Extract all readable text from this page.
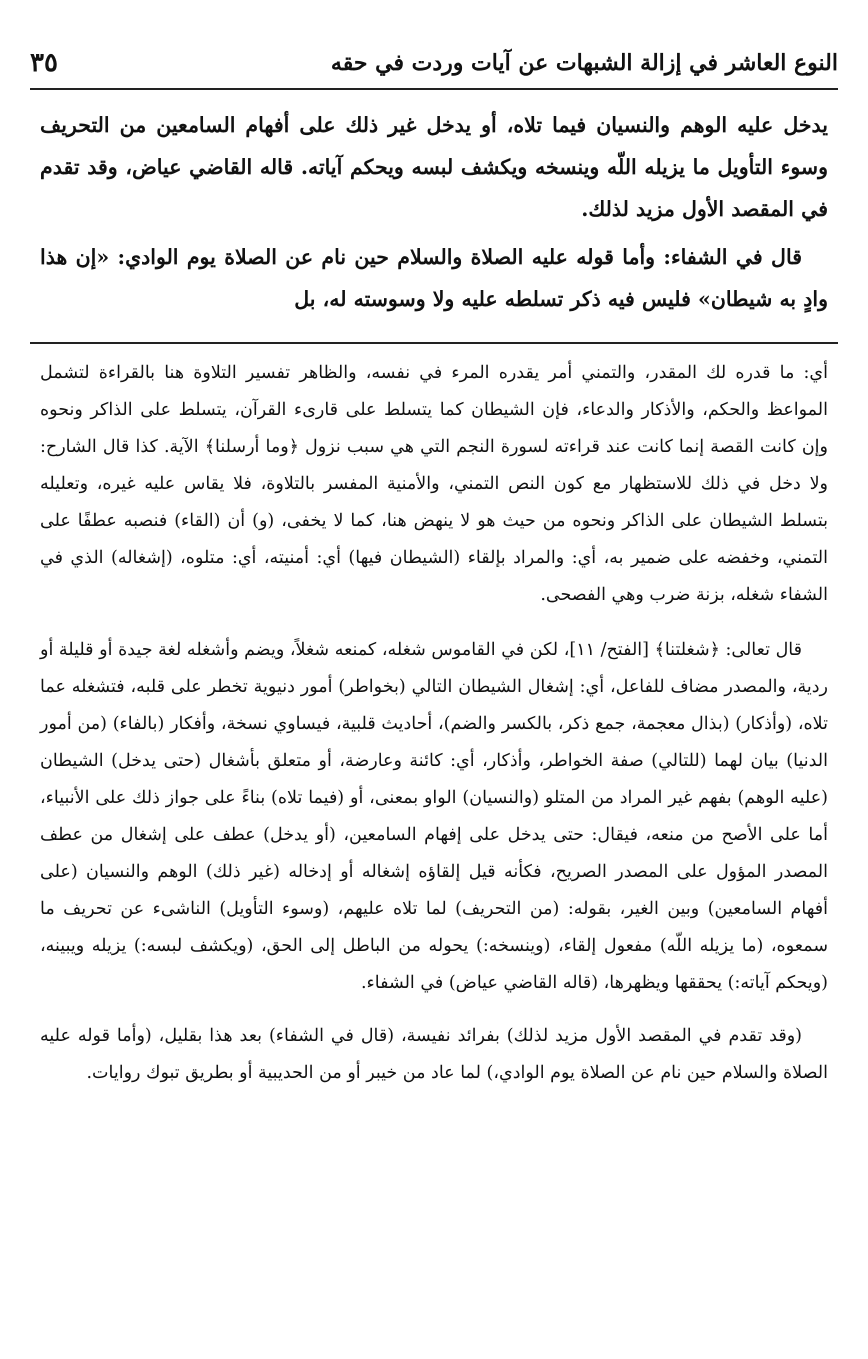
النوع العاشر في إزالة الشبهات عن آيات وردت في حقه
٣٥

يدخل عليه الوهم والنسيان فيما تلاه، أو يدخل غير ذلك على أفهام السامعين من التحريف وسوء التأويل ما يزيله اللّه وينسخه ويكشف لبسه ويحكم آياته. قاله القاضي عياض، وقد تقدم في المقصد الأول مزيد لذلك.

قال في الشفاء: وأما قوله عليه الصلاة والسلام حين نام عن الصلاة يوم الوادي: «إن هذا وادٍ به شيطان» فليس فيه ذكر تسلطه عليه ولا وسوسته له، بل

أي: ما قدره لك المقدر، والتمني أمر يقدره المرء في نفسه، والظاهر تفسير التلاوة هنا بالقراءة لتشمل المواعظ والحكم، والأذكار والدعاء، فإن الشيطان كما يتسلط على قارىء القرآن، يتسلط على الذاكر ونحوه وإن كانت القصة إنما كانت عند قراءته لسورة النجم التي هي سبب نزول ﴿وما أرسلنا﴾ الآية. كذا قال الشارح: ولا دخل في ذلك للاستظهار مع كون النص التمني، والأمنية المفسر بالتلاوة، فلا يقاس عليه غيره، وتعليله بتسلط الشيطان على الذاكر ونحوه من حيث هو لا ينهض هنا، كما لا يخفى، (و) أن (القاء) فنصبه عطفًا على التمني، وخفضه على ضمير به، أي: والمراد بإلقاء (الشيطان فيها) أي: أمنيته، أي: متلوه، (إشغاله) الذي في الشفاء شغله، بزنة ضرب وهي الفصحى.

قال تعالى: ﴿شغلتنا﴾ [الفتح/ ١١]، لكن في القاموس شغله، كمنعه شغلاً، ويضم وأشغله لغة جيدة أو قليلة أو ردية، والمصدر مضاف للفاعل، أي: إشغال الشيطان التالي (بخواطر) أمور دنيوية تخطر على قلبه، فتشغله عما تلاه، (وأذكار) (بذال معجمة، جمع ذكر، بالكسر والضم)، أحاديث قلبية، فيساوي نسخة، وأفكار (بالفاء) (من أمور الدنيا) بيان لهما (للتالي) صفة الخواطر، وأذكار، أي: كائنة وعارضة، أو متعلق بأشغال (حتى يدخل) الشيطان (عليه الوهم) بفهم غير المراد من المتلو (والنسيان) الواو بمعنى، أو (فيما تلاه) بناءً على جواز ذلك على الأنبياء، أما على الأصح من منعه، فيقال: حتى يدخل على إفهام السامعين، (أو يدخل) عطف على إشغال من عطف المصدر المؤول على المصدر الصريح، فكأنه قيل إلقاؤه إشغاله أو إدخاله (غير ذلك) الوهم والنسيان (على أفهام السامعين) وبين الغير، بقوله: (من التحريف) لما تلاه عليهم، (وسوء التأويل) الناشىء عن تحريف ما سمعوه، (ما يزيله اللّه) مفعول إلقاء، (وينسخه:) يحوله من الباطل إلى الحق، (ويكشف لبسه:) يزيله ويبينه، (ويحكم آياته:) يحققها ويظهرها، (قاله القاضي عياض) في الشفاء.

(وقد تقدم في المقصد الأول مزيد لذلك) بفرائد نفيسة، (قال في الشفاء) بعد هذا بقليل، (وأما قوله عليه الصلاة والسلام حين نام عن الصلاة يوم الوادي،) لما عاد من خيبر أو من الحديبية أو بطريق تبوك روايات.
